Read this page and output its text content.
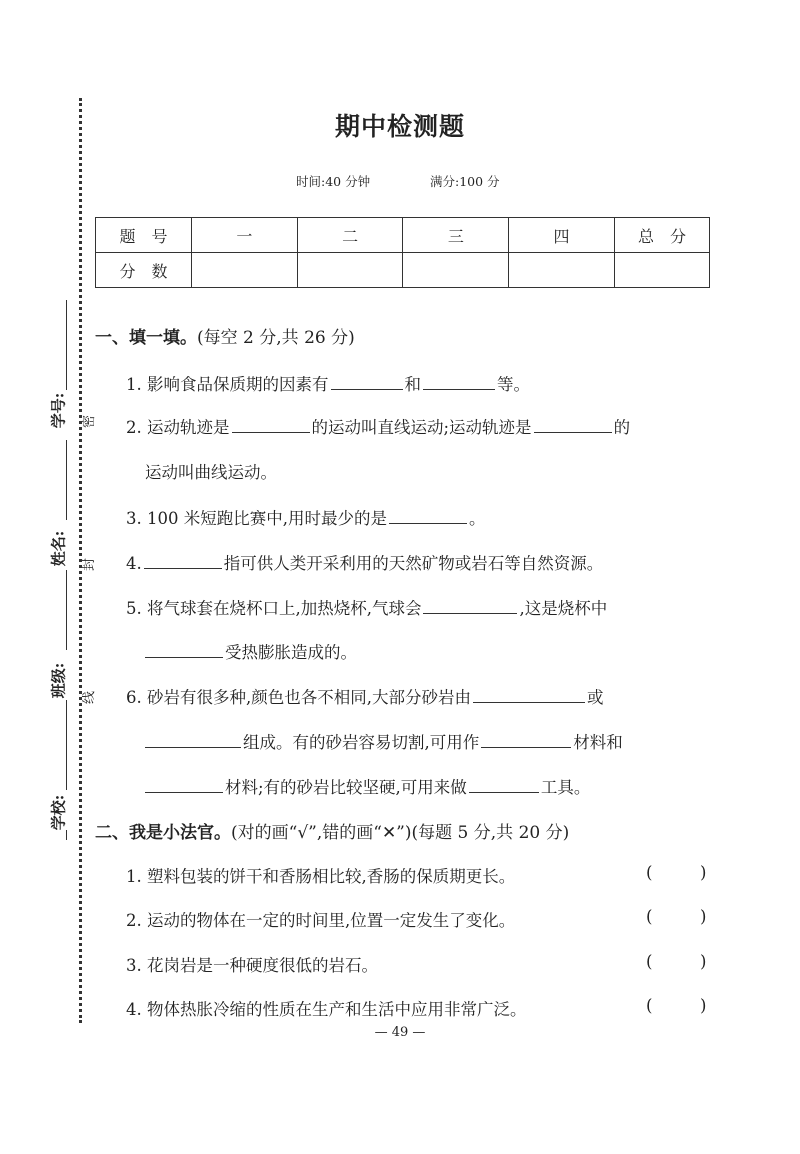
学号:
姓名:
班级:
学校:
密
封
线
期中检测题
时间:40 分钟	满分:100 分
题　号	一	二	三	四	总　分
分　数					
一、填一填。(每空 2 分,共 26 分)
1. 影响食品保质期的因素有	和	等。
2. 运动轨迹是	的运动叫直线运动;运动轨迹是	的
运动叫曲线运动。
3. 100 米短跑比赛中,用时最少的是	。
4.	指可供人类开采利用的天然矿物或岩石等自然资源。
5. 将气球套在烧杯口上,加热烧杯,气球会	,这是烧杯中
受热膨胀造成的。
6. 砂岩有很多种,颜色也各不相同,大部分砂岩由	或
组成。有的砂岩容易切割,可用作	材料和
材料;有的砂岩比较坚硬,可用来做	工具。
二、我是小法官。(对的画“√”,错的画“✕”)(每题 5 分,共 20 分)
1. 塑料包装的饼干和香肠相比较,香肠的保质期更长。	(	)
2. 运动的物体在一定的时间里,位置一定发生了变化。	(	)
3. 花岗岩是一种硬度很低的岩石。	(	)
4. 物体热胀冷缩的性质在生产和生活中应用非常广泛。	(	)
— 49 —
